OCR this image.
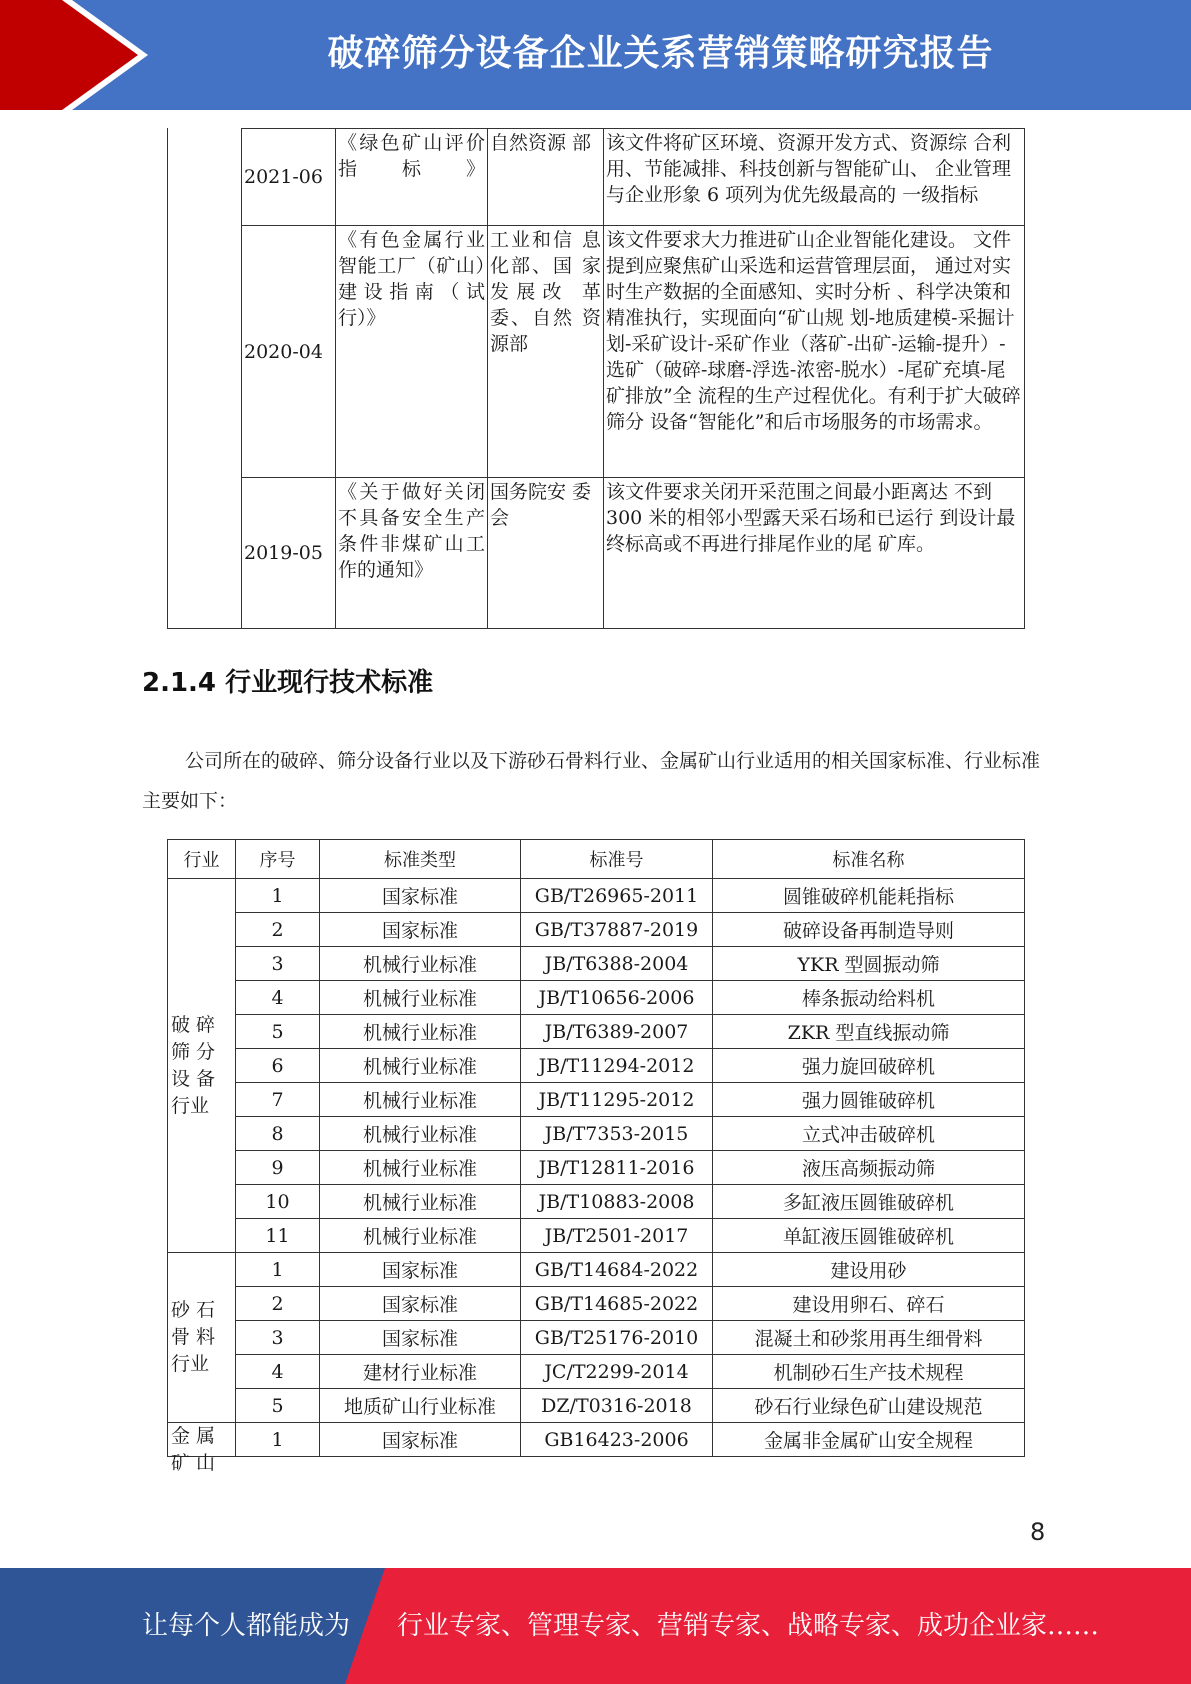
破碎筛分设备企业关系营销策略研究报告
2021-06	《绿色矿山评价指标》	自然资源 部	该文件将矿区环境、资源开发方式、资源综 合利用、节能减排、科技创新与智能矿山、 企业管理与企业形象 6 项列为优先级最高的 一级指标

2020-04	《有色金属行业智能工厂（矿山）建设指南（试行）》	工业和信 息化部、国 家发展改 革委、自然 资源部	该文件要求大力推进矿山企业智能化建设。 文件提到应聚焦矿山采选和运营管理层面， 通过对实时生产数据的全面感知、实时分析 、科学决策和精准执行，实现面向“矿山规 划-地质建模-采掘计划-采矿设计-采矿作业（落矿-出矿-运输-提升）-选矿（破碎-球磨-浮选-浓密-脱水）-尾矿充填-尾矿排放”全 流程的生产过程优化。有利于扩大破碎筛分 设备“智能化”和后市场服务的市场需求。

2019-05	《关于做好关闭不具备安全生产条件非煤矿山工作的通知》	国务院安 委会	该文件要求关闭开采范围之间最小距离达 不到 300 米的相邻小型露天采石场和已运行 到设计最终标高或不再进行排尾作业的尾 矿库。
2.1.4 行业现行技术标准

公司所在的破碎、筛分设备行业以及下游砂石骨料行业、金属矿山行业适用的相关国家标准、行业标准主要如下：

行业	序号	标准类型	标准号	标准名称

破 碎 筛 分 设 备 行业	1	国家标准	GB/T26965-2011	圆锥破碎机能耗指标
	2	国家标准	GB/T37887-2019	破碎设备再制造导则
	3	机械行业标准	JB/T6388-2004	YKR 型圆振动筛
	4	机械行业标准	JB/T10656-2006	棒条振动给料机
	5	机械行业标准	JB/T6389-2007	ZKR 型直线振动筛
	6	机械行业标准	JB/T11294-2012	强力旋回破碎机
	7	机械行业标准	JB/T11295-2012	强力圆锥破碎机
	8	机械行业标准	JB/T7353-2015	立式冲击破碎机
	9	机械行业标准	JB/T12811-2016	液压高频振动筛
	10	机械行业标准	JB/T10883-2008	多缸液压圆锥破碎机
	11	机械行业标准	JB/T2501-2017	单缸液压圆锥破碎机

砂 石 骨 料 行业	1	国家标准	GB/T14684-2022	建设用砂
	2	国家标准	GB/T14685-2022	建设用卵石、碎石
	3	国家标准	GB/T25176-2010	混凝土和砂浆用再生细骨料
	4	建材行业标准	JC/T2299-2014	机制砂石生产技术规程
	5	地质矿山行业标准	DZ/T0316-2018	砂石行业绿色矿山建设规范

金 属 矿 山	1	国家标准	GB16423-2006	金属非金属矿山安全规程
8
让每个人都能成为 行业专家、管理专家、营销专家、战略专家、成功企业家……
